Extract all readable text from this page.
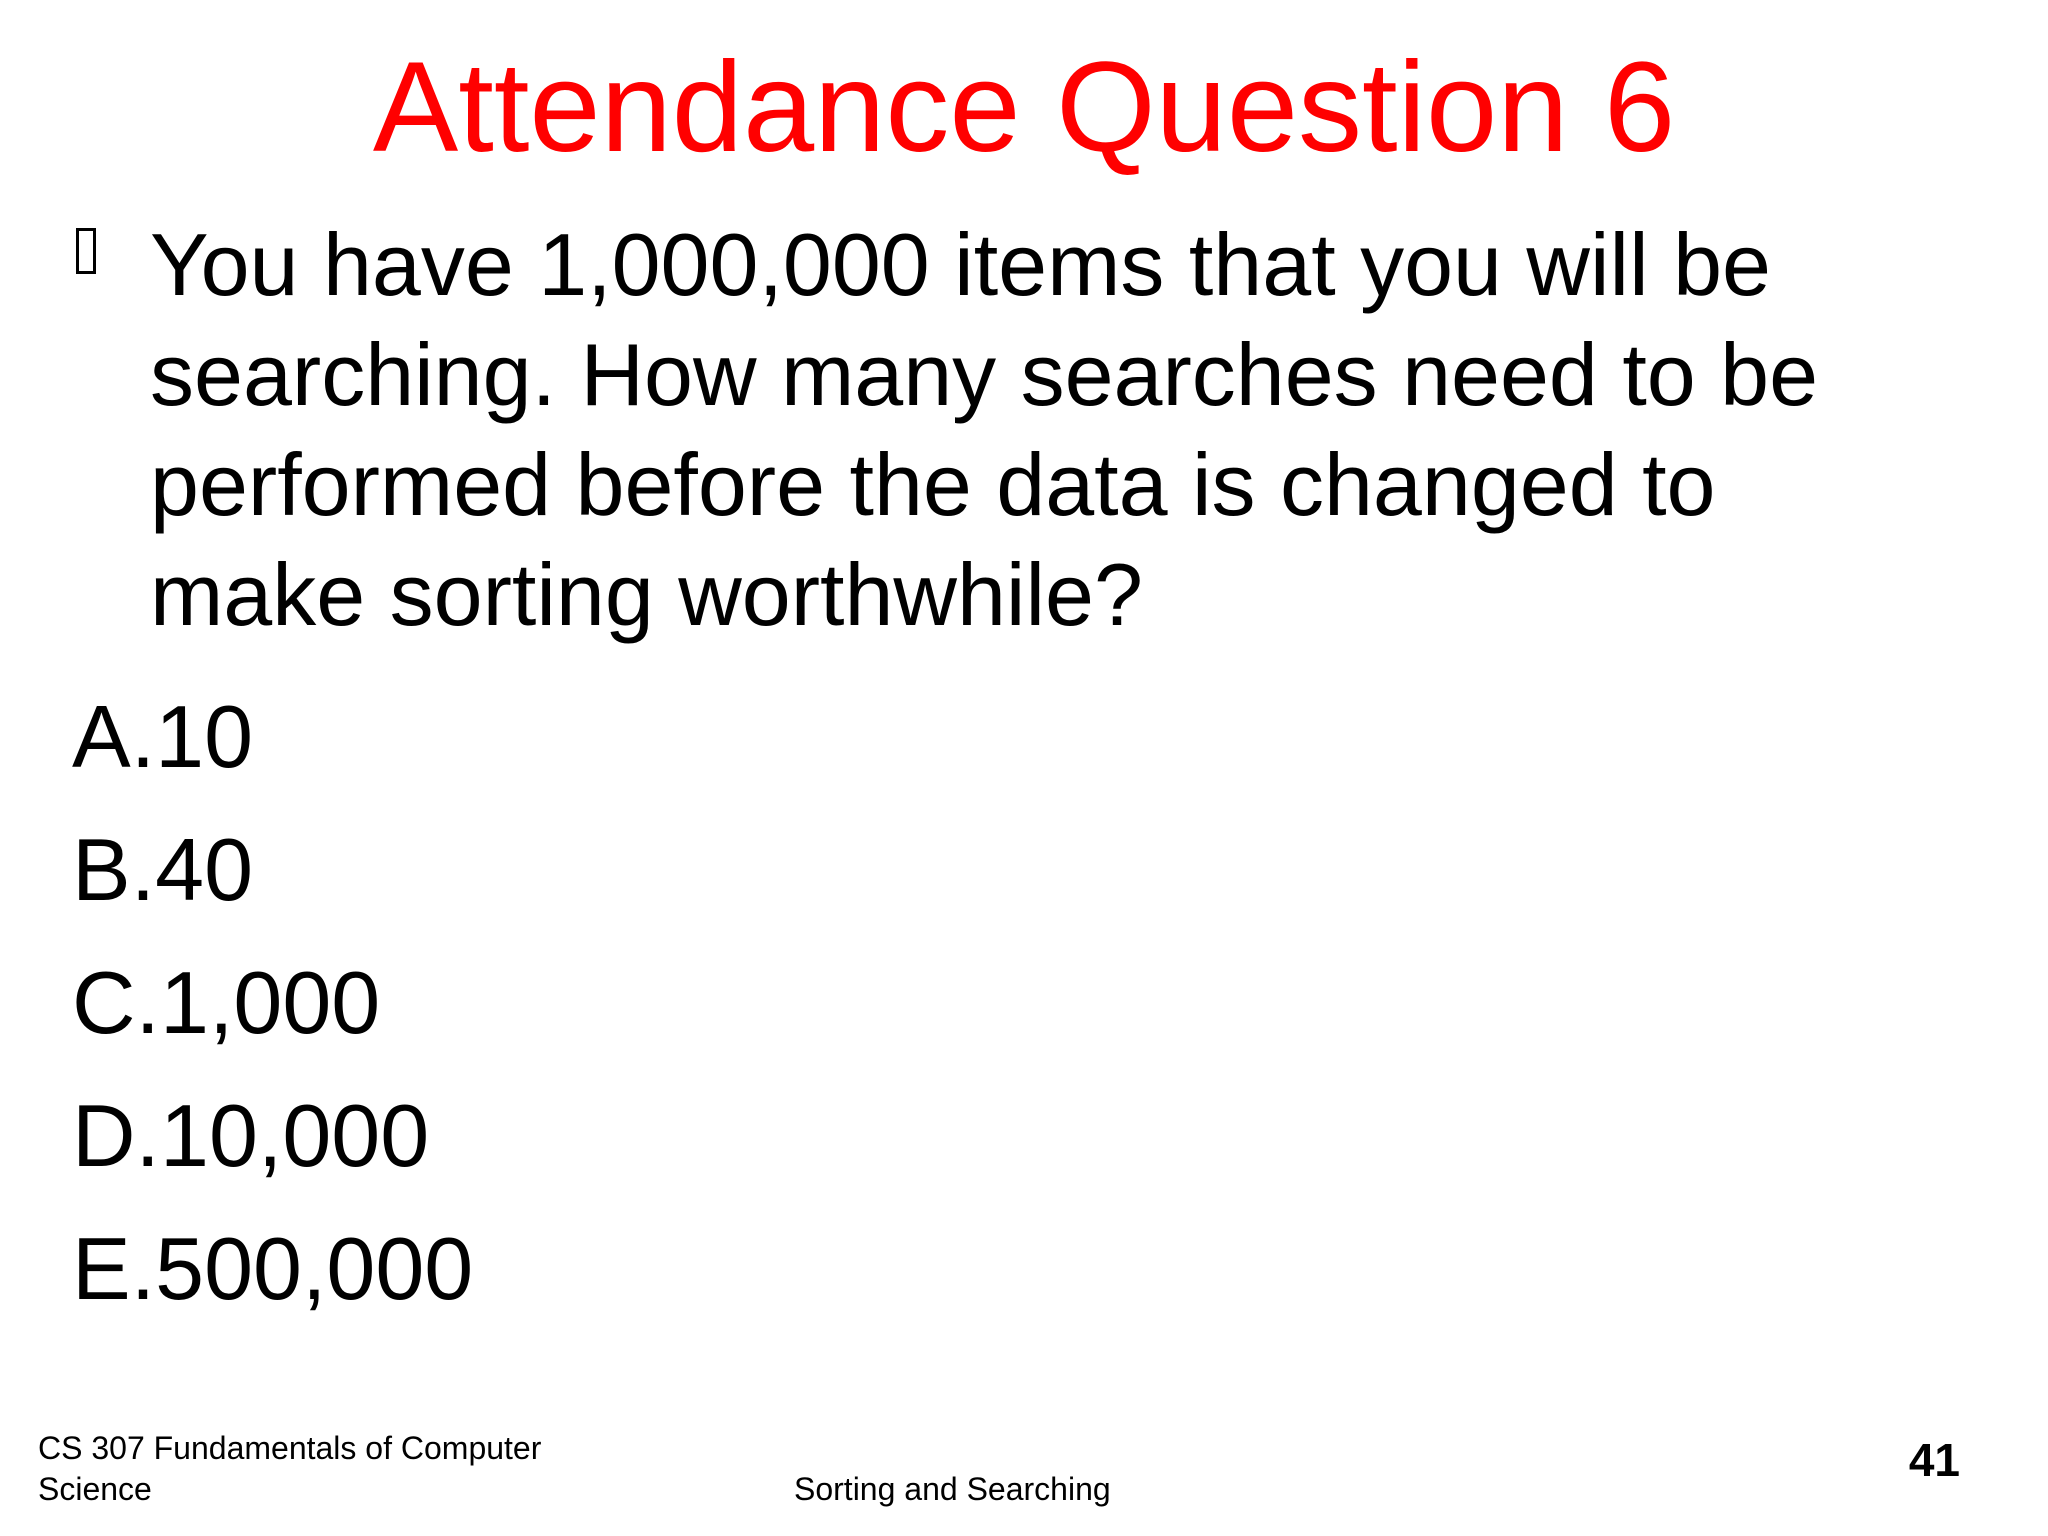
Attendance Question 6
You have 1,000,000 items that you will be
searching. How many searches need to be
performed before the data is changed to
make sorting worthwhile?
A.10
B.40
C.1,000
D.10,000
E.500,000
CS 307 Fundamentals of Computer
Science	Sorting and Searching
41
